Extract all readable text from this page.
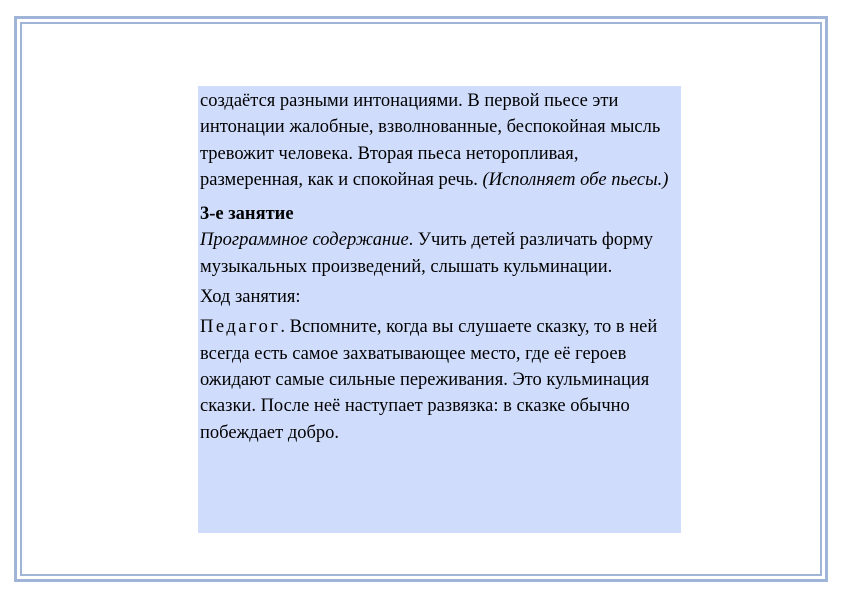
создаётся разными интонациями. В первой пьесе эти интонации жалобные, взволнованные, беспокойная мысль тревожит человека. Вторая пьеса неторопливая, размеренная, как и спокойная речь. (Исполняет обе пьесы.)

3-е занятие

Программное содержание. Учить детей различать форму музыкальных произведений, слышать кульминации.

Ход занятия:

Педагог. Вспомните, когда вы слушаете сказку, то в ней всегда есть самое захватывающее место, где её героев ожидают самые сильные переживания. Это кульминация сказки. После неё наступает развязка: в сказке обычно побеждает добро.
